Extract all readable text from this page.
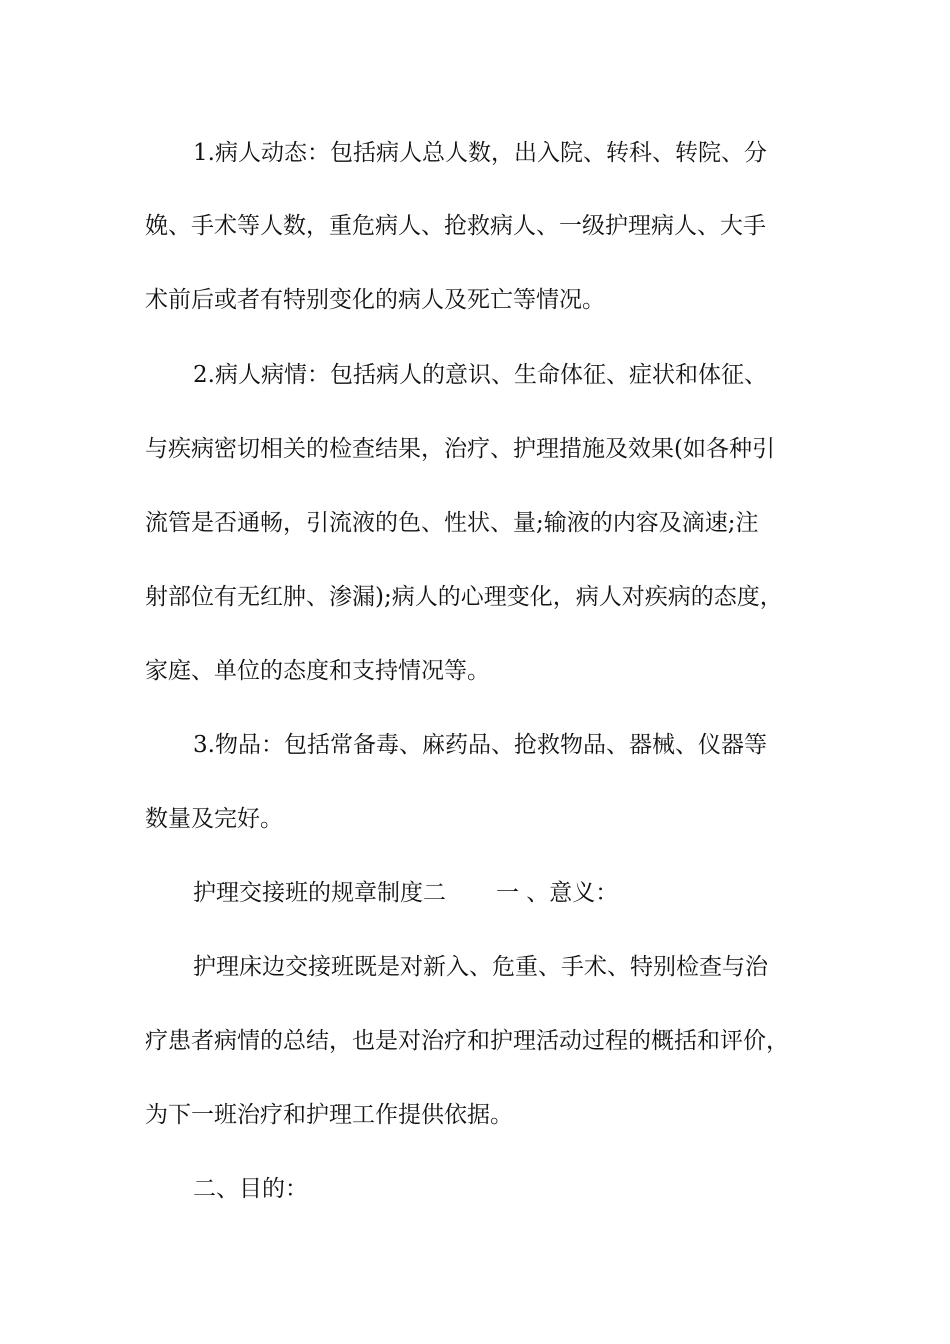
1.病人动态：包括病人总人数，出入院、转科、转院、分
娩、手术等人数，重危病人、抢救病人、一级护理病人、大手
术前后或者有特别变化的病人及死亡等情况。
2.病人病情：包括病人的意识、生命体征、症状和体征、
与疾病密切相关的检查结果，治疗、护理措施及效果(如各种引
流管是否通畅，引流液的色、性状、量;输液的内容及滴速;注
射部位有无红肿、渗漏);病人的心理变化，病人对疾病的态度，
家庭、单位的态度和支持情况等。
3.物品：包括常备毒、麻药品、抢救物品、器械、仪器等
数量及完好。
护理交接班的规章制度二 一 、意义：
护理床边交接班既是对新入、危重、手术、特别检查与治
疗患者病情的总结，也是对治疗和护理活动过程的概括和评价，
为下一班治疗和护理工作提供依据。
二、目的：
